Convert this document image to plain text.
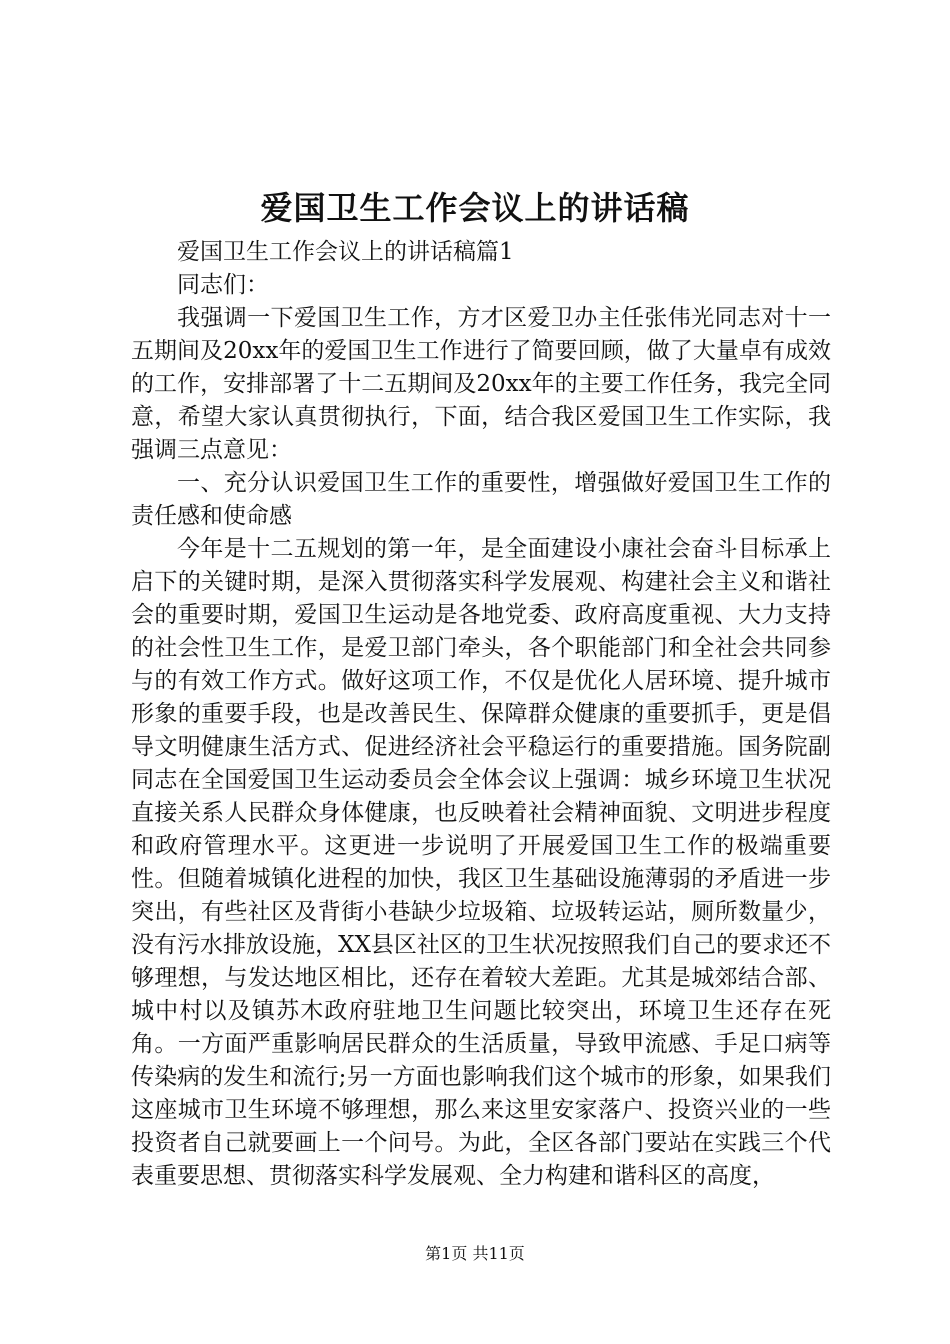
爱国卫生工作会议上的讲话稿

爱国卫生工作会议上的讲话稿篇1

同志们：

我强调一下爱国卫生工作，方才区爱卫办主任张伟光同志对十一五期间及20xx年的爱国卫生工作进行了简要回顾，做了大量卓有成效的工作，安排部署了十二五期间及20xx年的主要工作任务，我完全同意，希望大家认真贯彻执行，下面，结合我区爱国卫生工作实际，我强调三点意见：

一、充分认识爱国卫生工作的重要性，增强做好爱国卫生工作的责任感和使命感

今年是十二五规划的第一年，是全面建设小康社会奋斗目标承上启下的关键时期，是深入贯彻落实科学发展观、构建社会主义和谐社会的重要时期，爱国卫生运动是各地党委、政府高度重视、大力支持的社会性卫生工作，是爱卫部门牵头，各个职能部门和全社会共同参与的有效工作方式。做好这项工作，不仅是优化人居环境、提升城市形象的重要手段，也是改善民生、保障群众健康的重要抓手，更是倡导文明健康生活方式、促进经济社会平稳运行的重要措施。国务院副同志在全国爱国卫生运动委员会全体会议上强调：城乡环境卫生状况直接关系人民群众身体健康，也反映着社会精神面貌、文明进步程度和政府管理水平。这更进一步说明了开展爱国卫生工作的极端重要性。但随着城镇化进程的加快，我区卫生基础设施薄弱的矛盾进一步突出，有些社区及背街小巷缺少垃圾箱、垃圾转运站，厕所数量少，没有污水排放设施，XX县区社区的卫生状况按照我们自己的要求还不够理想，与发达地区相比，还存在着较大差距。尤其是城郊结合部、城中村以及镇苏木政府驻地卫生问题比较突出，环境卫生还存在死角。一方面严重影响居民群众的生活质量，导致甲流感、手足口病等传染病的发生和流行;另一方面也影响我们这个城市的形象，如果我们这座城市卫生环境不够理想，那么来这里安家落户、投资兴业的一些投资者自己就要画上一个问号。为此，全区各部门要站在实践三个代表重要思想、贯彻落实科学发展观、全力构建和谐科区的高度，

第1页 共11页
